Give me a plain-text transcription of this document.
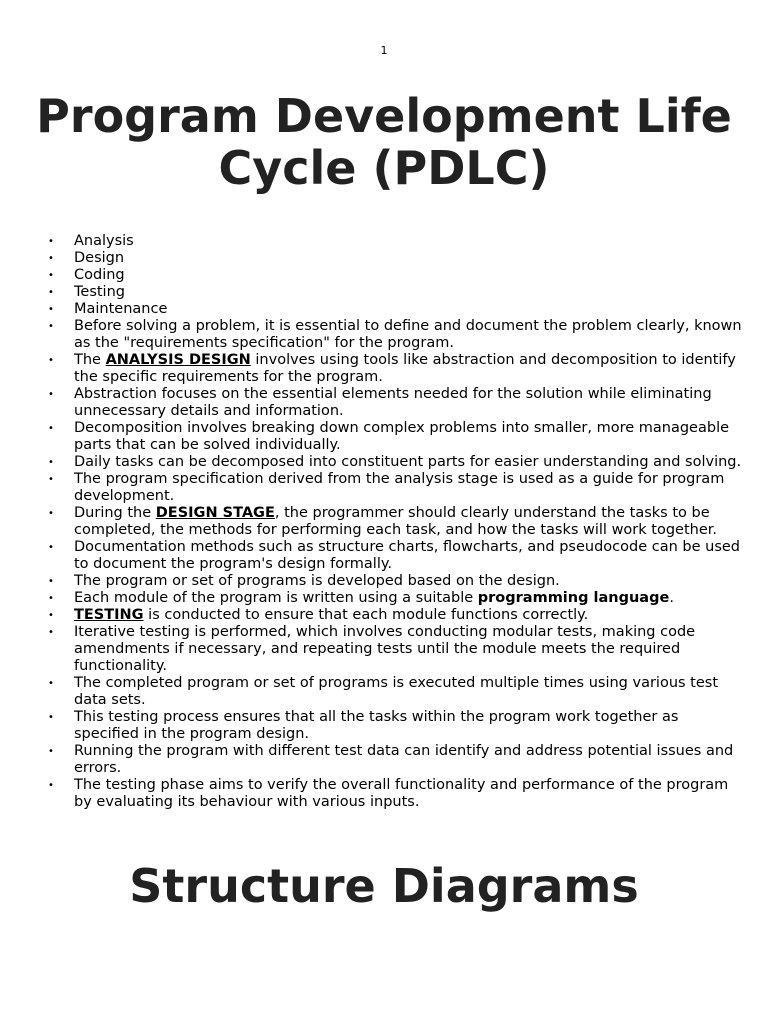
1
Program Development Life Cycle (PDLC)
• Analysis
• Design
• Coding
• Testing
• Maintenance
• Before solving a problem, it is essential to define and document the problem clearly, known as the "requirements specification" for the program.
• The ANALYSIS DESIGN involves using tools like abstraction and decomposition to identify the specific requirements for the program.
• Abstraction focuses on the essential elements needed for the solution while eliminating unnecessary details and information.
• Decomposition involves breaking down complex problems into smaller, more manageable parts that can be solved individually.
• Daily tasks can be decomposed into constituent parts for easier understanding and solving.
• The program specification derived from the analysis stage is used as a guide for program development.
• During the DESIGN STAGE, the programmer should clearly understand the tasks to be completed, the methods for performing each task, and how the tasks will work together.
• Documentation methods such as structure charts, flowcharts, and pseudocode can be used to document the program's design formally.
• The program or set of programs is developed based on the design.
• Each module of the program is written using a suitable programming language.
• TESTING is conducted to ensure that each module functions correctly.
• Iterative testing is performed, which involves conducting modular tests, making code amendments if necessary, and repeating tests until the module meets the required functionality.
• The completed program or set of programs is executed multiple times using various test data sets.
• This testing process ensures that all the tasks within the program work together as specified in the program design.
• Running the program with different test data can identify and address potential issues and errors.
• The testing phase aims to verify the overall functionality and performance of the program by evaluating its behaviour with various inputs.
Structure Diagrams
